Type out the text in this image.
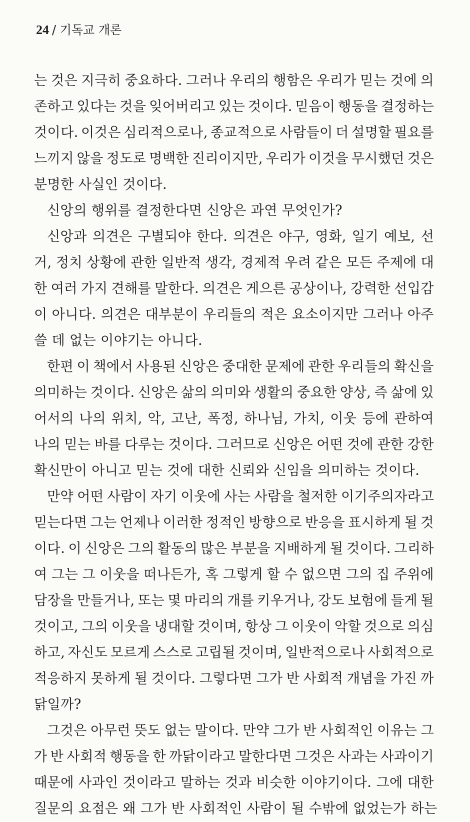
24 / 기독교 개론
는 것은 지극히 중요하다. 그러나 우리의 행함은 우리가 믿는 것에 의
존하고 있다는 것을 잊어버리고 있는 것이다. 믿음이 행동을 결정하는
것이다. 이것은 심리적으로나, 종교적으로 사람들이 더 설명할 필요를
느끼지 않을 정도로 명백한 진리이지만, 우리가 이것을 무시했던 것은
분명한 사실인 것이다.
신앙의 행위를 결정한다면 신앙은 과연 무엇인가?
신앙과 의견은 구별되야 한다. 의견은 야구, 영화, 일기 예보, 선
거, 정치 상황에 관한 일반적 생각, 경제적 우려 같은 모든 주제에 대
한 여러 가지 견해를 말한다. 의견은 게으른 공상이나, 강력한 선입감
이 아니다. 의견은 대부분이 우리들의 적은 요소이지만 그러나 아주
쓸 데 없는 이야기는 아니다.
한편 이 책에서 사용된 신앙은 중대한 문제에 관한 우리들의 확신을
의미하는 것이다. 신앙은 삶의 의미와 생활의 중요한 양상, 즉 삶에 있
어서의 나의 위치, 악, 고난, 폭정, 하나님, 가치, 이웃 등에 관하여
나의 믿는 바를 다루는 것이다. 그러므로 신앙은 어떤 것에 관한 강한
확신만이 아니고 믿는 것에 대한 신뢰와 신임을 의미하는 것이다.
만약 어떤 사람이 자기 이웃에 사는 사람을 철저한 이기주의자라고
믿는다면 그는 언제나 이러한 정적인 방향으로 반응을 표시하게 될 것
이다. 이 신앙은 그의 활동의 많은 부분을 지배하게 될 것이다. 그리하
여 그는 그 이웃을 떠나든가, 혹 그렇게 할 수 없으면 그의 집 주위에
담장을 만들거나, 또는 몇 마리의 개를 키우거나, 강도 보험에 들게 될
것이고, 그의 이웃을 냉대할 것이며, 항상 그 이웃이 악할 것으로 의심
하고, 자신도 모르게 스스로 고립될 것이며, 일반적으로나 사회적으로
적응하지 못하게 될 것이다. 그렇다면 그가 반 사회적 개념을 가진 까
닭일까?
그것은 아무런 뜻도 없는 말이다. 만약 그가 반 사회적인 이유는 그
가 반 사회적 행동을 한 까닭이라고 말한다면 그것은 사과는 사과이기
때문에 사과인 것이라고 말하는 것과 비슷한 이야기이다. 그에 대한
질문의 요점은 왜 그가 반 사회적인 사람이 될 수밖에 없었는가 하는
